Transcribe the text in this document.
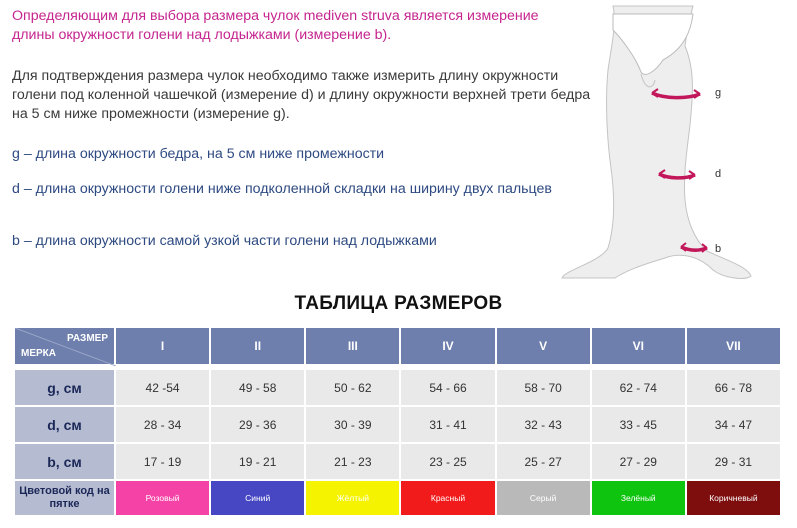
Определяющим для выбора размера чулок mediven struva является измерение длины окружности голени над лодыжками (измерение b).

Для подтверждения размера чулок необходимо также измерить длину окружности голени под коленной чашечкой (измерение d) и длину окружности верхней трети бедра на 5 см ниже промежности (измерение g).

g – длина окружности бедра, на 5 см ниже промежности

d – длина окружности голени ниже подколенной складки на ширину двух пальцев

b – длина окружности самой узкой части голени над лодыжками

g
d
b
ТАБЛИЦА РАЗМЕРОВ
РАЗМЕР
МЕРКА	I	II	III	IV	V	VI	VII

g, см	42 -54	49 - 58	50 - 62	54 - 66	58 - 70	62 - 74	66 - 78
d, см	28 - 34	29 - 36	30 - 39	31 - 41	32 - 43	33 - 45	34 - 47
b, см	17 - 19	19 - 21	21 - 23	23 - 25	25 - 27	27 - 29	29 - 31
Цветовой код на пятке	Розовый	Синий	Жёлтый	Красный	Серый	Зелёный	Коричневый
